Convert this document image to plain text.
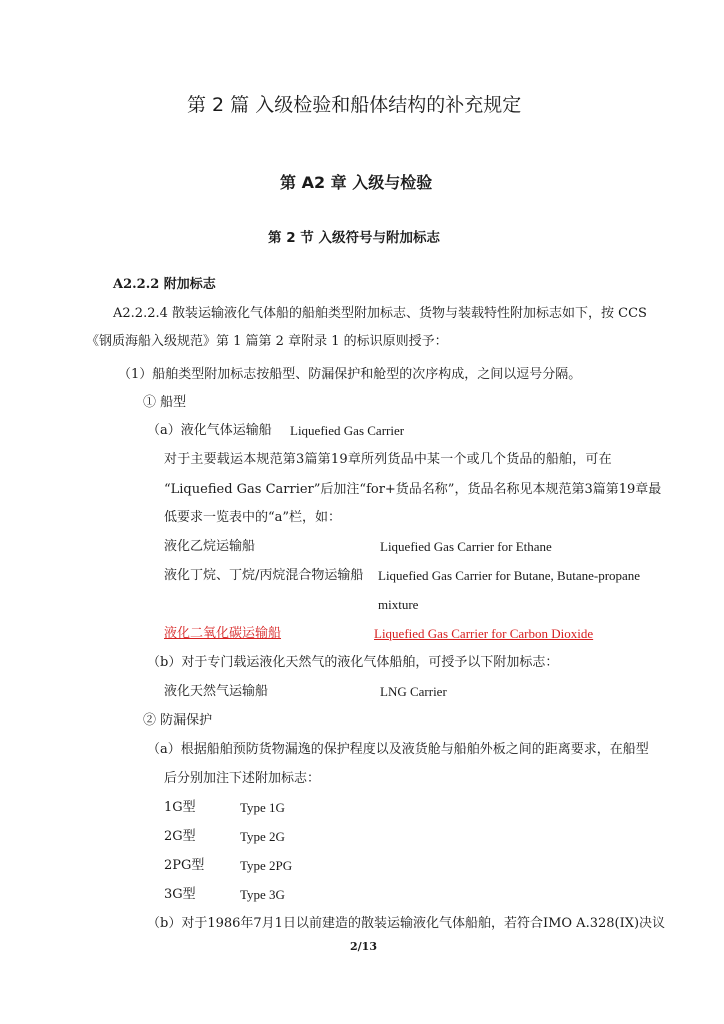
第 2 篇 入级检验和船体结构的补充规定
第 A2 章 入级与检验
第 2 节 入级符号与附加标志
A2.2.2 附加标志
A2.2.2.4 散装运输液化气体船的船舶类型附加标志、货物与装载特性附加标志如下，按 CCS
《钢质海船入级规范》第 1 篇第 2 章附录 1 的标识原则授予：
（1）船舶类型附加标志按船型、防漏保护和舱型的次序构成，之间以逗号分隔。
① 船型
（a）液化气体运输船 Liquefied Gas Carrier
对于主要载运本规范第3篇第19章所列货品中某一个或几个货品的船舶，可在
“Liquefied Gas Carrier”后加注“for+货品名称”，货品名称见本规范第3篇第19章最
低要求一览表中的“a”栏，如：
液化乙烷运输船	Liquefied Gas Carrier for Ethane
液化丁烷、丁烷/丙烷混合物运输船 Liquefied Gas Carrier for Butane, Butane-propane
mixture
液化二氧化碳运输船	Liquefied Gas Carrier for Carbon Dioxide
（b）对于专门载运液化天然气的液化气体船舶，可授予以下附加标志：
液化天然气运输船	LNG Carrier
② 防漏保护
（a）根据船舶预防货物漏逸的保护程度以及液货舱与船舶外板之间的距离要求，在船型
后分别加注下述附加标志：
1G型	Type 1G
2G型	Type 2G
2PG型	Type 2PG
3G型	Type 3G
（b）对于1986年7月1日以前建造的散装运输液化气体船舶，若符合IMO A.328(IX)决议
2/13
